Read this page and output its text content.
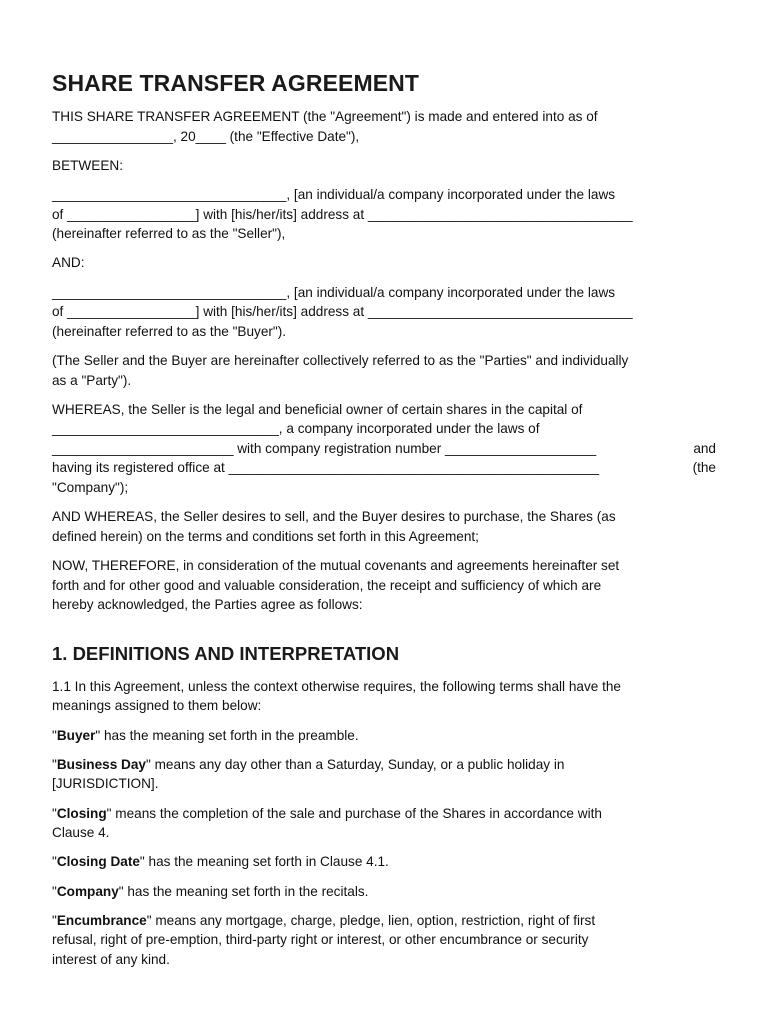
SHARE TRANSFER AGREEMENT

THIS SHARE TRANSFER AGREEMENT (the "Agreement") is made and entered into as of
________________, 20____ (the "Effective Date"),

BETWEEN:

_______________________________, [an individual/a company incorporated under the laws
of _________________] with [his/her/its] address at ___________________________________
(hereinafter referred to as the "Seller"),

AND:

_______________________________, [an individual/a company incorporated under the laws
of _________________] with [his/her/its] address at ___________________________________
(hereinafter referred to as the "Buyer").

(The Seller and the Buyer are hereinafter collectively referred to as the "Parties" and individually
as a "Party").

WHEREAS, the Seller is the legal and beneficial owner of certain shares in the capital of
______________________________, a company incorporated under the laws of
________________________ with company registration number ____________________	and
having its registered office at _________________________________________________	(the
"Company");

AND WHEREAS, the Seller desires to sell, and the Buyer desires to purchase, the Shares (as
defined herein) on the terms and conditions set forth in this Agreement;

NOW, THEREFORE, in consideration of the mutual covenants and agreements hereinafter set
forth and for other good and valuable consideration, the receipt and sufficiency of which are
hereby acknowledged, the Parties agree as follows:

1. DEFINITIONS AND INTERPRETATION

1.1 In this Agreement, unless the context otherwise requires, the following terms shall have the
meanings assigned to them below:

"Buyer" has the meaning set forth in the preamble.

"Business Day" means any day other than a Saturday, Sunday, or a public holiday in
[JURISDICTION].

"Closing" means the completion of the sale and purchase of the Shares in accordance with
Clause 4.

"Closing Date" has the meaning set forth in Clause 4.1.

"Company" has the meaning set forth in the recitals.

"Encumbrance" means any mortgage, charge, pledge, lien, option, restriction, right of first
refusal, right of pre-emption, third-party right or interest, or other encumbrance or security
interest of any kind.
